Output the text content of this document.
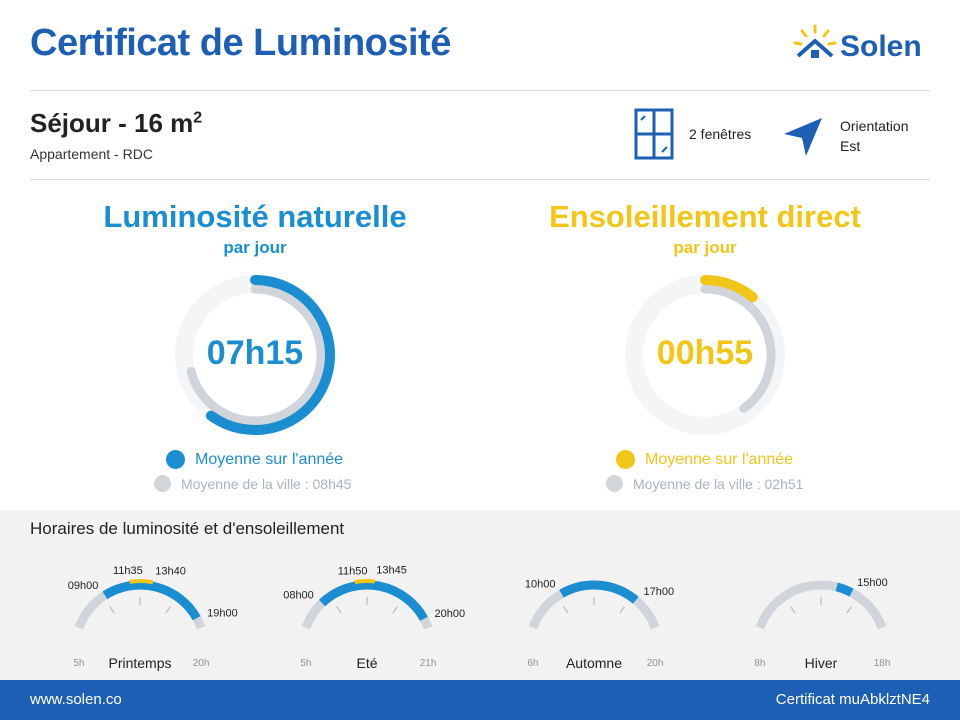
Certificat de Luminosité	Solen
Séjour - 16 $m^2$
Appartement - RDC
2 fenêtres	Orientation
Est
Luminosité naturelle
par jour
07h15
Moyenne sur l'année
Moyenne de la ville : 08h45
Ensoleillement direct
par jour
00h55
Moyenne sur l'année
Moyenne de la ville : 02h51
Horaires de luminosité et d'ensoleillement
11h35 13h40
09h00
19h00
5h	20h
Printemps
11h50 13h45
08h00
20h00
5h	21h
Eté
10h00
17h00
6h	20h
Automne
15h00
8h	18h
Hiver
www.solen.co	Certificat muAbklztNE4
